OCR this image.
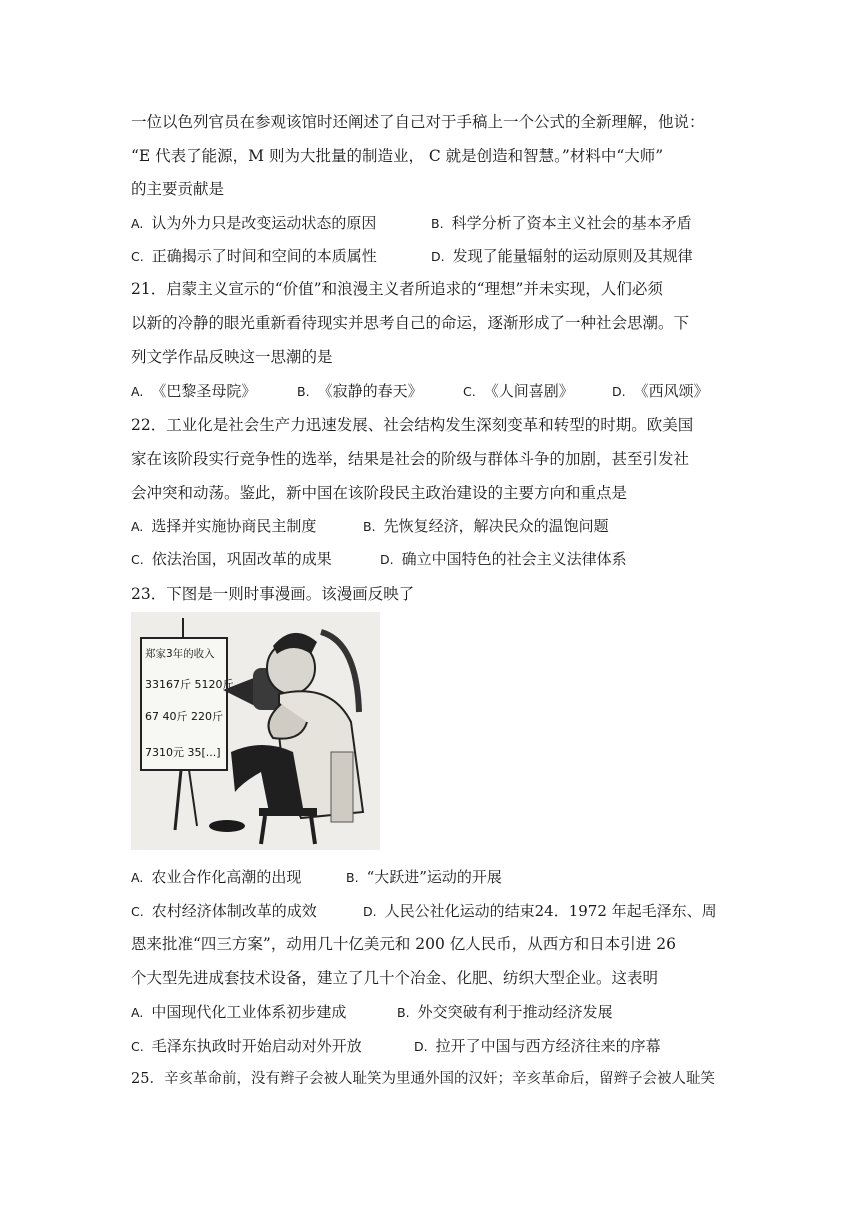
一位以色列官员在参观该馆时还阐述了自己对于手稿上一个公式的全新理解，他说：
“E 代表了能源，M 则为大批量的制造业， C 就是创造和智慧。”材料中“大师”
的主要贡献是
A. 认为外力只是改变运动状态的原因	B. 科学分析了资本主义社会的基本矛盾
C. 正确揭示了时间和空间的本质属性	D. 发现了能量辐射的运动原则及其规律
21．启蒙主义宣示的“价值”和浪漫主义者所追求的“理想”并未实现，人们必须
以新的冷静的眼光重新看待现实并思考自己的命运，逐渐形成了一种社会思潮。下
列文学作品反映这一思潮的是
A. 《巴黎圣母院》	B. 《寂静的春天》	C. 《人间喜剧》	D. 《西风颂》
22．工业化是社会生产力迅速发展、社会结构发生深刻变革和转型的时期。欧美国
家在该阶段实行竞争性的选举，结果是社会的阶级与群体斗争的加剧，甚至引发社
会冲突和动荡。鉴此，新中国在该阶段民主政治建设的主要方向和重点是
A. 选择并实施协商民主制度	B. 先恢复经济，解决民众的温饱问题
C. 依法治国，巩固改革的成果	D. 确立中国特色的社会主义法律体系
23．下图是一则时事漫画。该漫画反映了
郑家3年的收入
33167斤 5120斤
67 40斤 220斤
7310元 35[...]
A. 农业合作化高潮的出现	B. “大跃进”运动的开展
C. 农村经济体制改革的成效	D. 人民公社化运动的结束24．1972 年起毛泽东、周
恩来批准“四三方案”，动用几十亿美元和 200 亿人民币，从西方和日本引进 26
个大型先进成套技术设备，建立了几十个冶金、化肥、纺织大型企业。这表明
A. 中国现代化工业体系初步建成	B. 外交突破有利于推动经济发展
C. 毛泽东执政时开始启动对外开放	D. 拉开了中国与西方经济往来的序幕
25．辛亥革命前，没有辫子会被人耻笑为里通外国的汉奸；辛亥革命后，留辫子会被人耻笑
